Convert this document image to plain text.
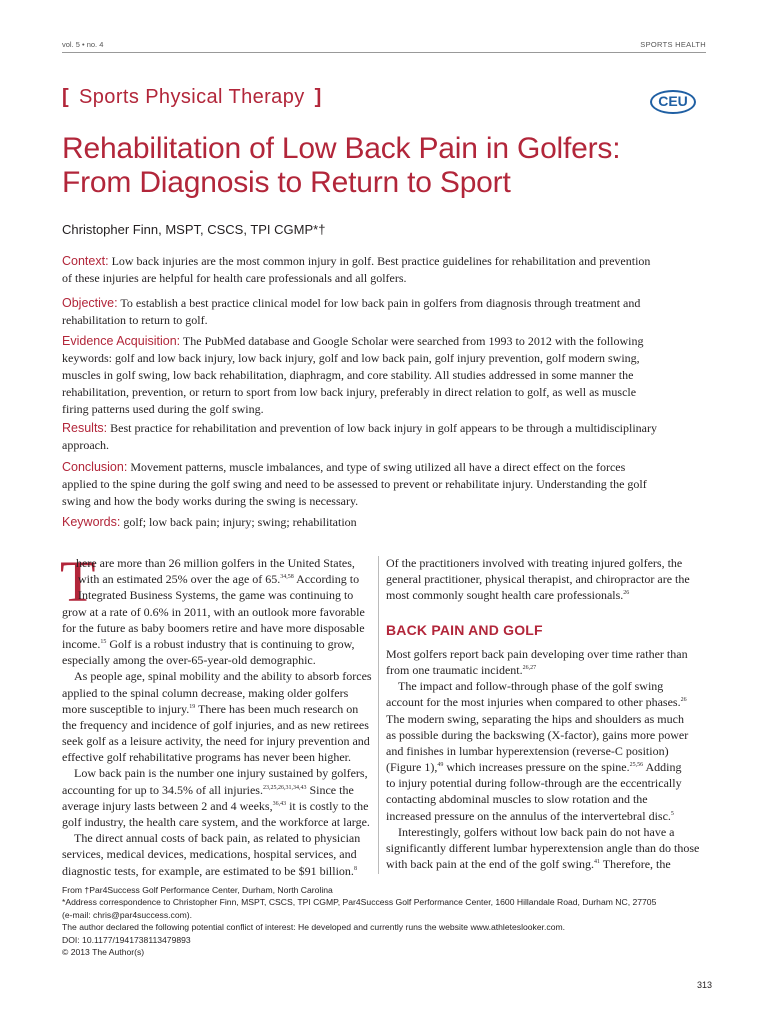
vol. 5 • no. 4	SPORTS HEALTH
[ Sports Physical Therapy ]	CEU
Rehabilitation of Low Back Pain in Golfers:
From Diagnosis to Return to Sport
Christopher Finn, MSPT, CSCS, TPI CGMP*†

Context: Low back injuries are the most common injury in golf. Best practice guidelines for rehabilitation and prevention
of these injuries are helpful for health care professionals and all golfers.

Objective: To establish a best practice clinical model for low back pain in golfers from diagnosis through treatment and
rehabilitation to return to golf.

Evidence Acquisition: The PubMed database and Google Scholar were searched from 1993 to 2012 with the following
keywords: golf and low back injury, low back injury, golf and low back pain, golf injury prevention, golf modern swing,
muscles in golf swing, low back rehabilitation, diaphragm, and core stability. All studies addressed in some manner the
rehabilitation, prevention, or return to sport from low back injury, preferably in direct relation to golf, as well as muscle
firing patterns used during the golf swing.

Results: Best practice for rehabilitation and prevention of low back injury in golf appears to be through a multidisciplinary
approach.

Conclusion: Movement patterns, muscle imbalances, and type of swing utilized all have a direct effect on the forces
applied to the spine during the golf swing and need to be assessed to prevent or rehabilitate injury. Understanding the golf
swing and how the body works during the swing is necessary.

Keywords: golf; low back pain; injury; swing; rehabilitation

T
here are more than 26 million golfers in the United States,
with an estimated 25% over the age of 65.$^{34,58}$ According to
Integrated Business Systems, the game was continuing to
grow at a rate of 0.6% in 2011, with an outlook more favorable
for the future as baby boomers retire and have more disposable
income.$^{15}$ Golf is a robust industry that is continuing to grow,
especially among the over-65-year-old demographic.
As people age, spinal mobility and the ability to absorb forces
applied to the spinal column decrease, making older golfers
more susceptible to injury.$^{19}$ There has been much research on
the frequency and incidence of golf injuries, and as new retirees
seek golf as a leisure activity, the need for injury prevention and
effective golf rehabilitative programs has never been higher.
Low back pain is the number one injury sustained by golfers,
accounting for up to 34.5% of all injuries.$^{23,25,26,31,34,43}$ Since the
average injury lasts between 2 and 4 weeks,$^{36,43}$ it is costly to the
golf industry, the health care system, and the workforce at large.
The direct annual costs of back pain, as related to physician
services, medical devices, medications, hospital services, and
diagnostic tests, for example, are estimated to be $91 billion.$^8$
Of the practitioners involved with treating injured golfers, the
general practitioner, physical therapist, and chiropractor are the
most commonly sought health care professionals.$^{26}$
BACK PAIN AND GOLF
Most golfers report back pain developing over time rather than
from one traumatic incident.$^{26,27}$
The impact and follow-through phase of the golf swing
account for the most injuries when compared to other phases.$^{26}$
The modern swing, separating the hips and shoulders as much
as possible during the backswing (X-factor), gains more power
and finishes in lumbar hyperextension (reverse-C position)
(Figure 1),$^{49}$ which increases pressure on the spine.$^{25,56}$ Adding
to injury potential during follow-through are the eccentrically
contacting abdominal muscles to slow rotation and the
increased pressure on the annulus of the intervertebral disc.$^5$
Interestingly, golfers without low back pain do not have a
significantly different lumbar hyperextension angle than do those
with back pain at the end of the golf swing.$^{41}$ Therefore, the
From †Par4Success Golf Performance Center, Durham, North Carolina
*Address correspondence to Christopher Finn, MSPT, CSCS, TPI CGMP, Par4Success Golf Performance Center, 1600 Hillandale Road, Durham NC, 27705
(e-mail: chris@par4success.com).
The author declared the following potential conflict of interest: He developed and currently runs the website www.athleteslooker.com.
DOI: 10.1177/1941738113479893
© 2013 The Author(s)
313
